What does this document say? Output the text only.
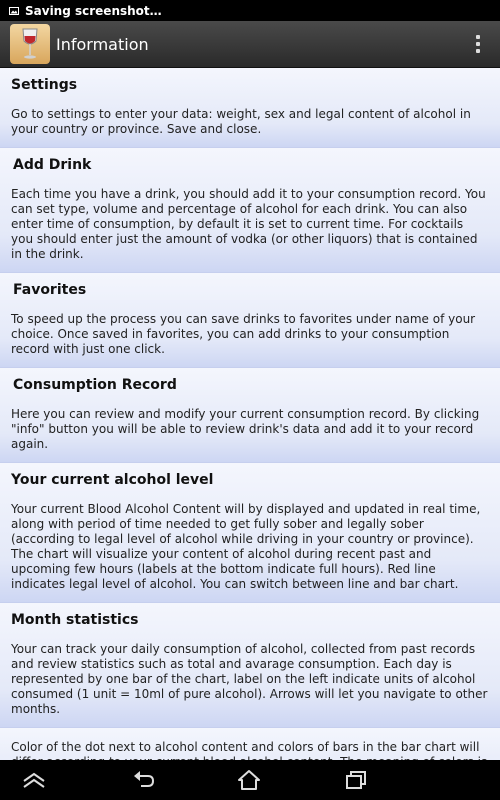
Saving screenshot…
Information
Settings

Go to settings to enter your data: weight, sex and legal content of alcohol in your country or province. Save and close.

Add Drink

Each time you have a drink, you should add it to your consumption record. You can set type, volume and percentage of alcohol for each drink. You can also enter time of consumption, by default it is set to current time. For cocktails you should enter just the amount of vodka (or other liquors) that is contained in the drink.

Favorites

To speed up the process you can save drinks to favorites under name of your choice. Once saved in favorites, you can add drinks to your consumption record with just one click.

Consumption Record

Here you can review and modify your current consumption record. By clicking "info" button you will be able to review drink's data and add it to your record again.

Your current alcohol level

Your current Blood Alcohol Content will by displayed and updated in real time, along with period of time needed to get fully sober and legally sober (according to legal level of alcohol while driving in your country or province). The chart will visualize your content of alcohol during recent past and upcoming few hours (labels at the bottom indicate full hours). Red line indicates legal level of alcohol. You can switch between line and bar chart.

Month statistics

Your can track your daily consumption of alcohol, collected from past records and review statistics such as total and avarage consumption. Each day is represented by one bar of the chart, label on the left indicate units of alcohol consumed (1 unit = 10ml of pure alcohol). Arrows will let you navigate to other months.

Color of the dot next to alcohol content and colors of bars in the bar chart will
